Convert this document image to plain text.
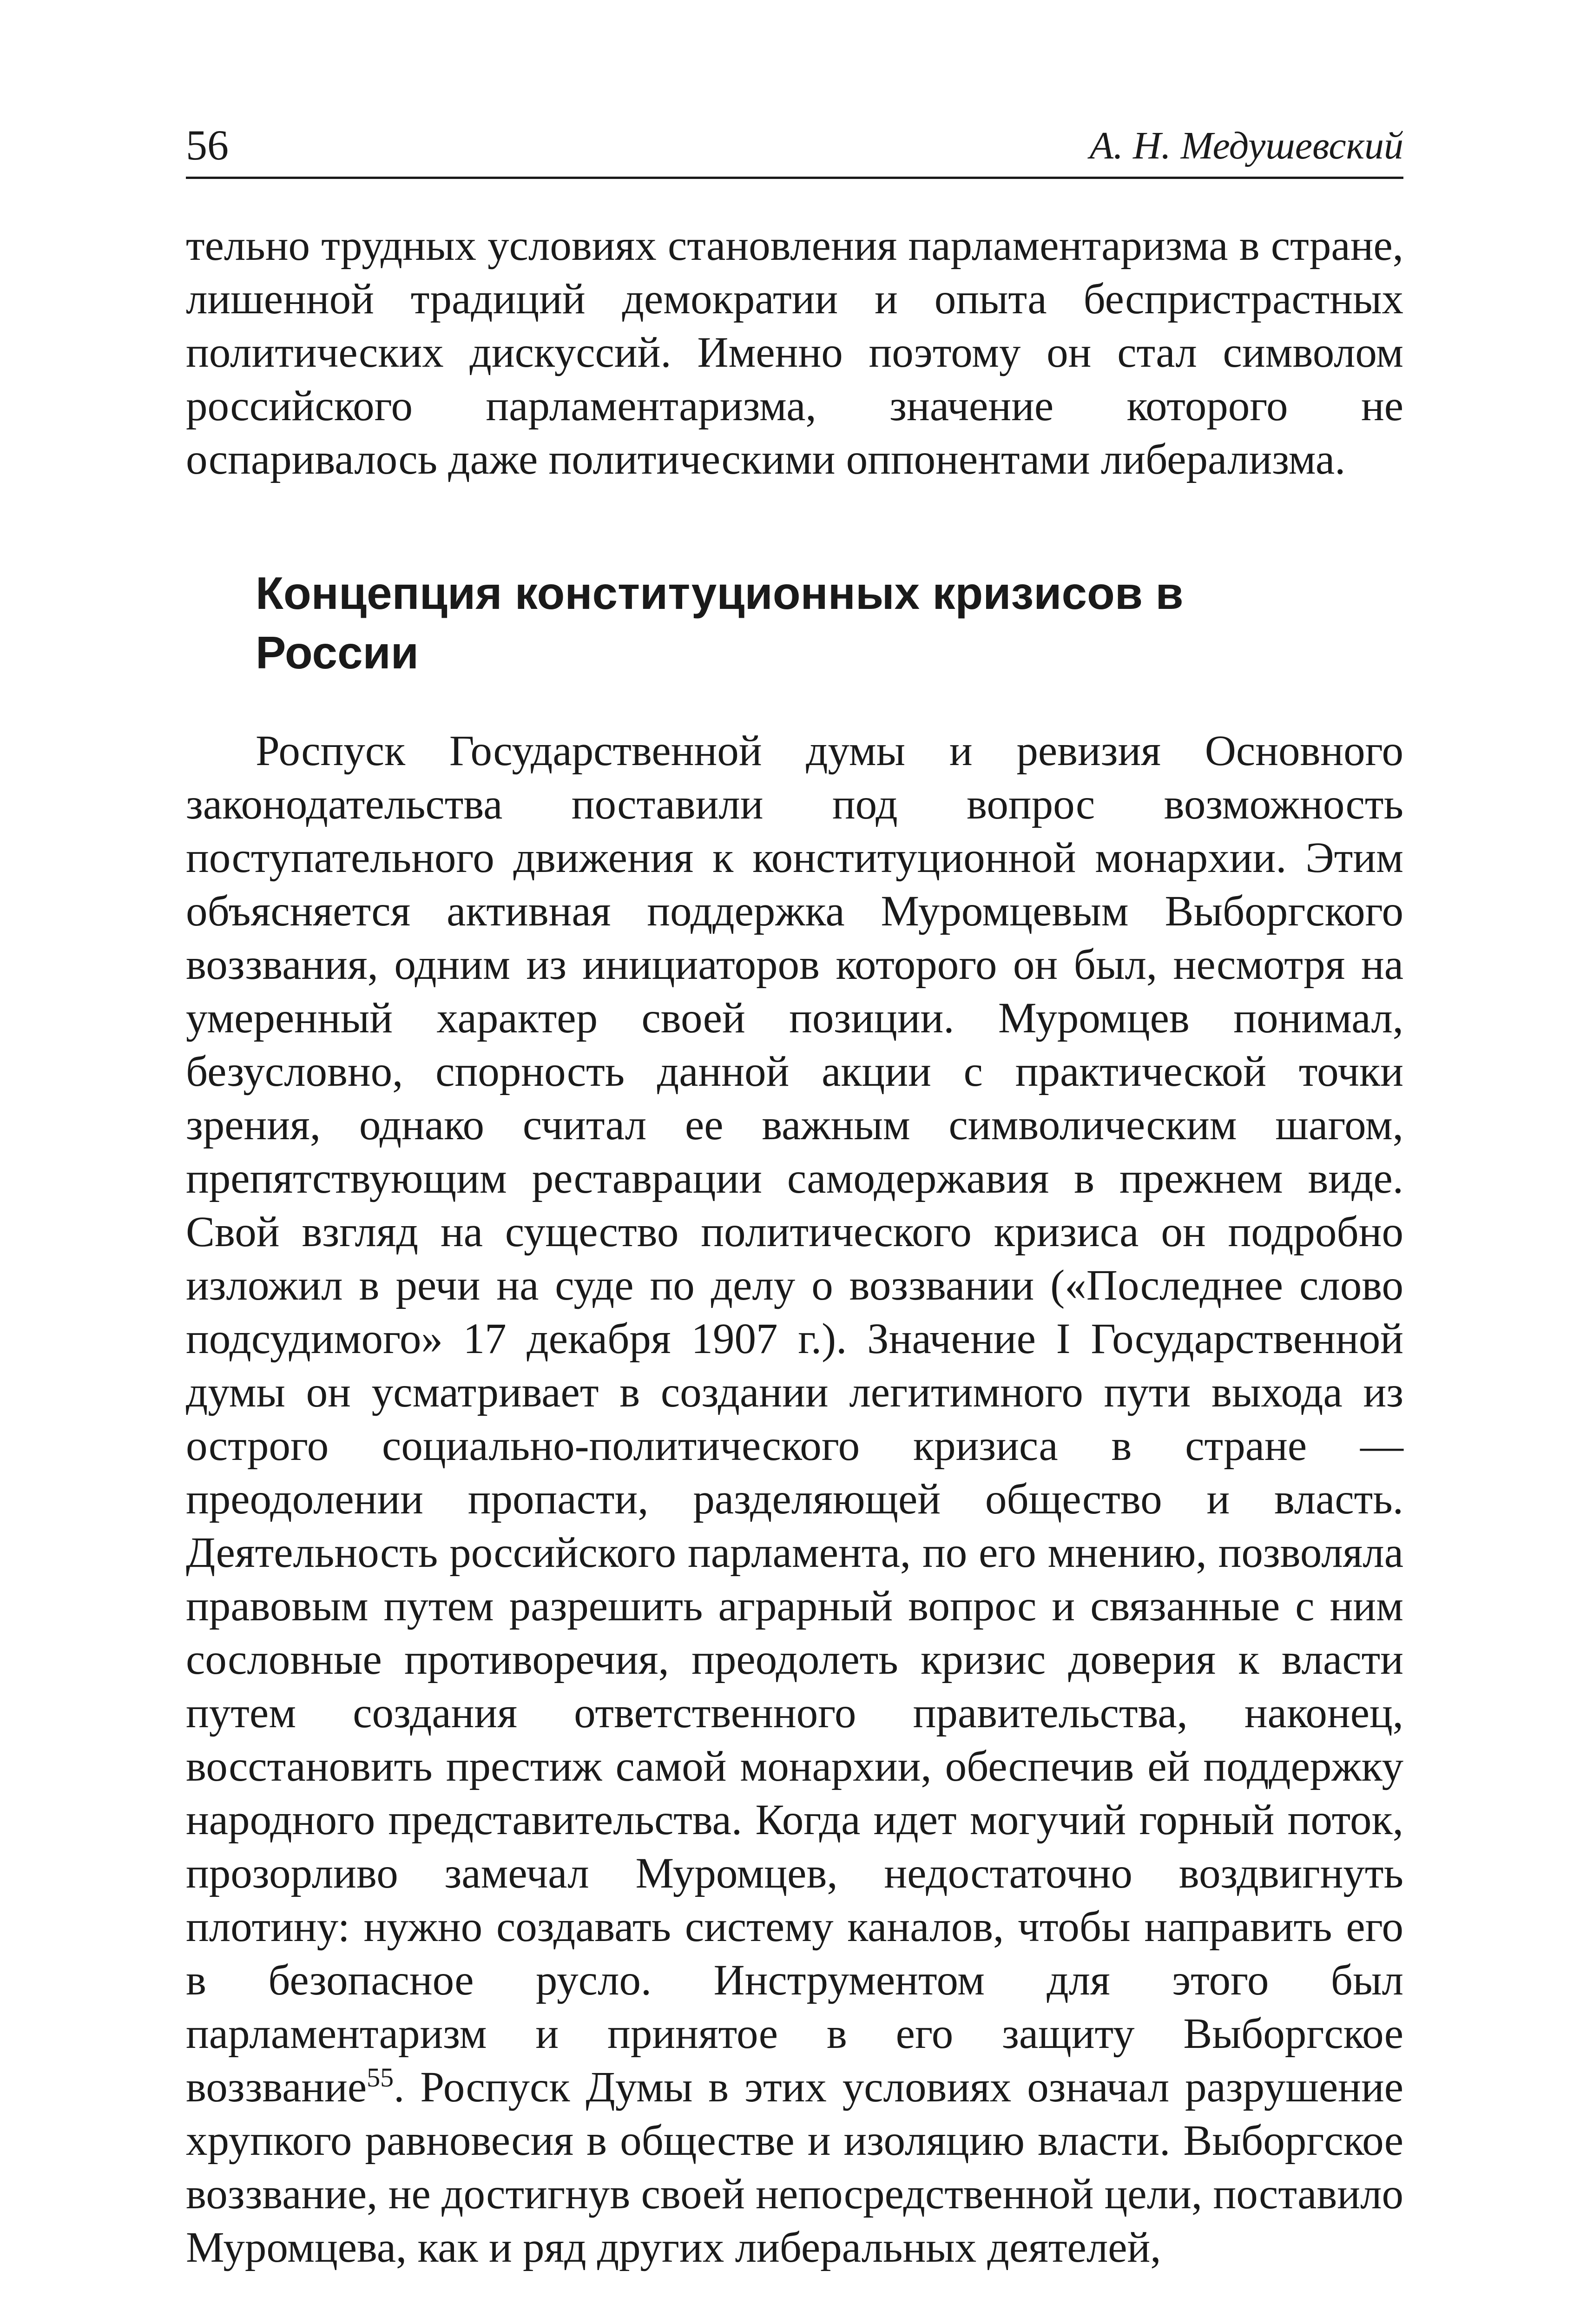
56	А. Н. Медушевский

тельно трудных условиях становления парламентаризма в стране, лишенной традиций демократии и опыта беспристрастных политических дискуссий. Именно поэтому он стал символом российского парламентаризма, значение которого не оспаривалось даже политическими оппонентами либерализма.

Концепция конституционных кризисов в России

Роспуск Государственной думы и ревизия Основного законодательства поставили под вопрос возможность поступательного движения к конституционной монархии. Этим объясняется активная поддержка Муромцевым Выборгского воззвания, одним из инициаторов которого он был, несмотря на умеренный характер своей позиции. Муромцев понимал, безусловно, спорность данной акции с практической точки зрения, однако считал ее важным символическим шагом, препятствующим реставрации самодержавия в прежнем виде. Свой взгляд на существо политического кризиса он подробно изложил в речи на суде по делу о воззвании («Последнее слово подсудимого» 17 декабря 1907 г.). Значение I Государственной думы он усматривает в создании легитимного пути выхода из острого социально-политического кризиса в стране — преодолении пропасти, разделяющей общество и власть. Деятельность российского парламента, по его мнению, позволяла правовым путем разрешить аграрный вопрос и связанные с ним сословные противоречия, преодолеть кризис доверия к власти путем создания ответственного правительства, наконец, восстановить престиж самой монархии, обеспечив ей поддержку народного представительства. Когда идет могучий горный поток, прозорливо замечал Муромцев, недостаточно воздвигнуть плотину: нужно создавать систему каналов, чтобы направить его в безопасное русло. Инструментом для этого был парламентаризм и принятое в его защиту Выборгское воззвание$^{55}$. Роспуск Думы в этих условиях означал разрушение хрупкого равновесия в обществе и изоляцию власти. Выборгское воззвание, не достигнув своей непосредственной цели, поставило Муромцева, как и ряд других либеральных деятелей,
